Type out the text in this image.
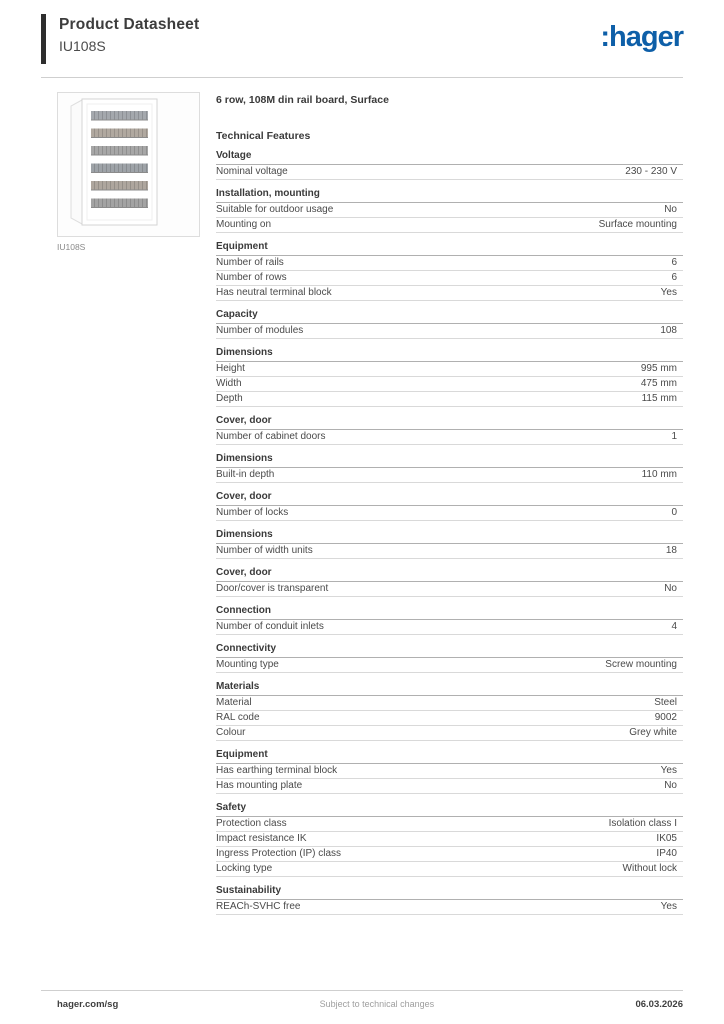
Product Datasheet
IU108S	:hager
IU108S
6 row, 108M din rail board, Surface
Technical Features
Voltage
Nominal voltage	230 - 230 V
Installation, mounting
Suitable for outdoor usage	No
Mounting on	Surface mounting
Equipment
Number of rails	6
Number of rows	6
Has neutral terminal block	Yes
Capacity
Number of modules	108
Dimensions
Height	995 mm
Width	475 mm
Depth	115 mm
Cover, door
Number of cabinet doors	1
Dimensions
Built-in depth	110 mm
Cover, door
Number of locks	0
Dimensions
Number of width units	18
Cover, door
Door/cover is transparent	No
Connection
Number of conduit inlets	4
Connectivity
Mounting type	Screw mounting
Materials
Material	Steel
RAL code	9002
Colour	Grey white
Equipment
Has earthing terminal block	Yes
Has mounting plate	No
Safety
Protection class	Isolation class I
Impact resistance IK	IK05
Ingress Protection (IP) class	IP40
Locking type	Without lock
Sustainability
REACh-SVHC free	Yes
hager.com/sg	Subject to technical changes	06.03.2026
